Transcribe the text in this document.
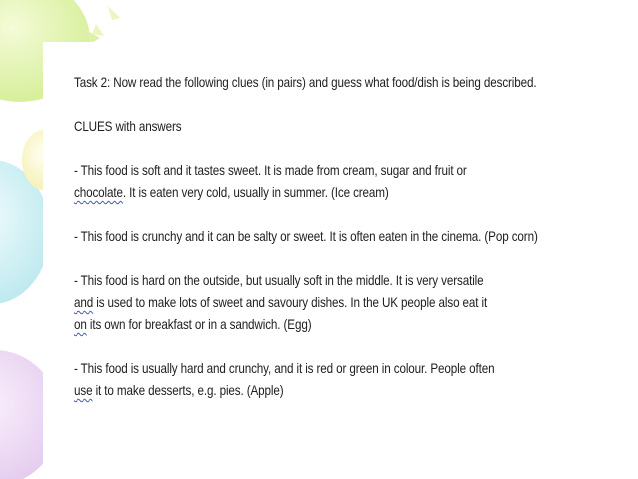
Task 2: Now read the following clues (in pairs) and guess what food/dish is being described.

CLUES with answers

- This food is soft and it tastes sweet. It is made from cream, sugar and fruit or
chocolate. It is eaten very cold, usually in summer. (Ice cream)

- This food is crunchy and it can be salty or sweet. It is often eaten in the cinema. (Pop corn)

- This food is hard on the outside, but usually soft in the middle. It is very versatile
and is used to make lots of sweet and savoury dishes. In the UK people also eat it
on its own for breakfast or in a sandwich. (Egg)

- This food is usually hard and crunchy, and it is red or green in colour. People often
use it to make desserts, e.g. pies. (Apple)
